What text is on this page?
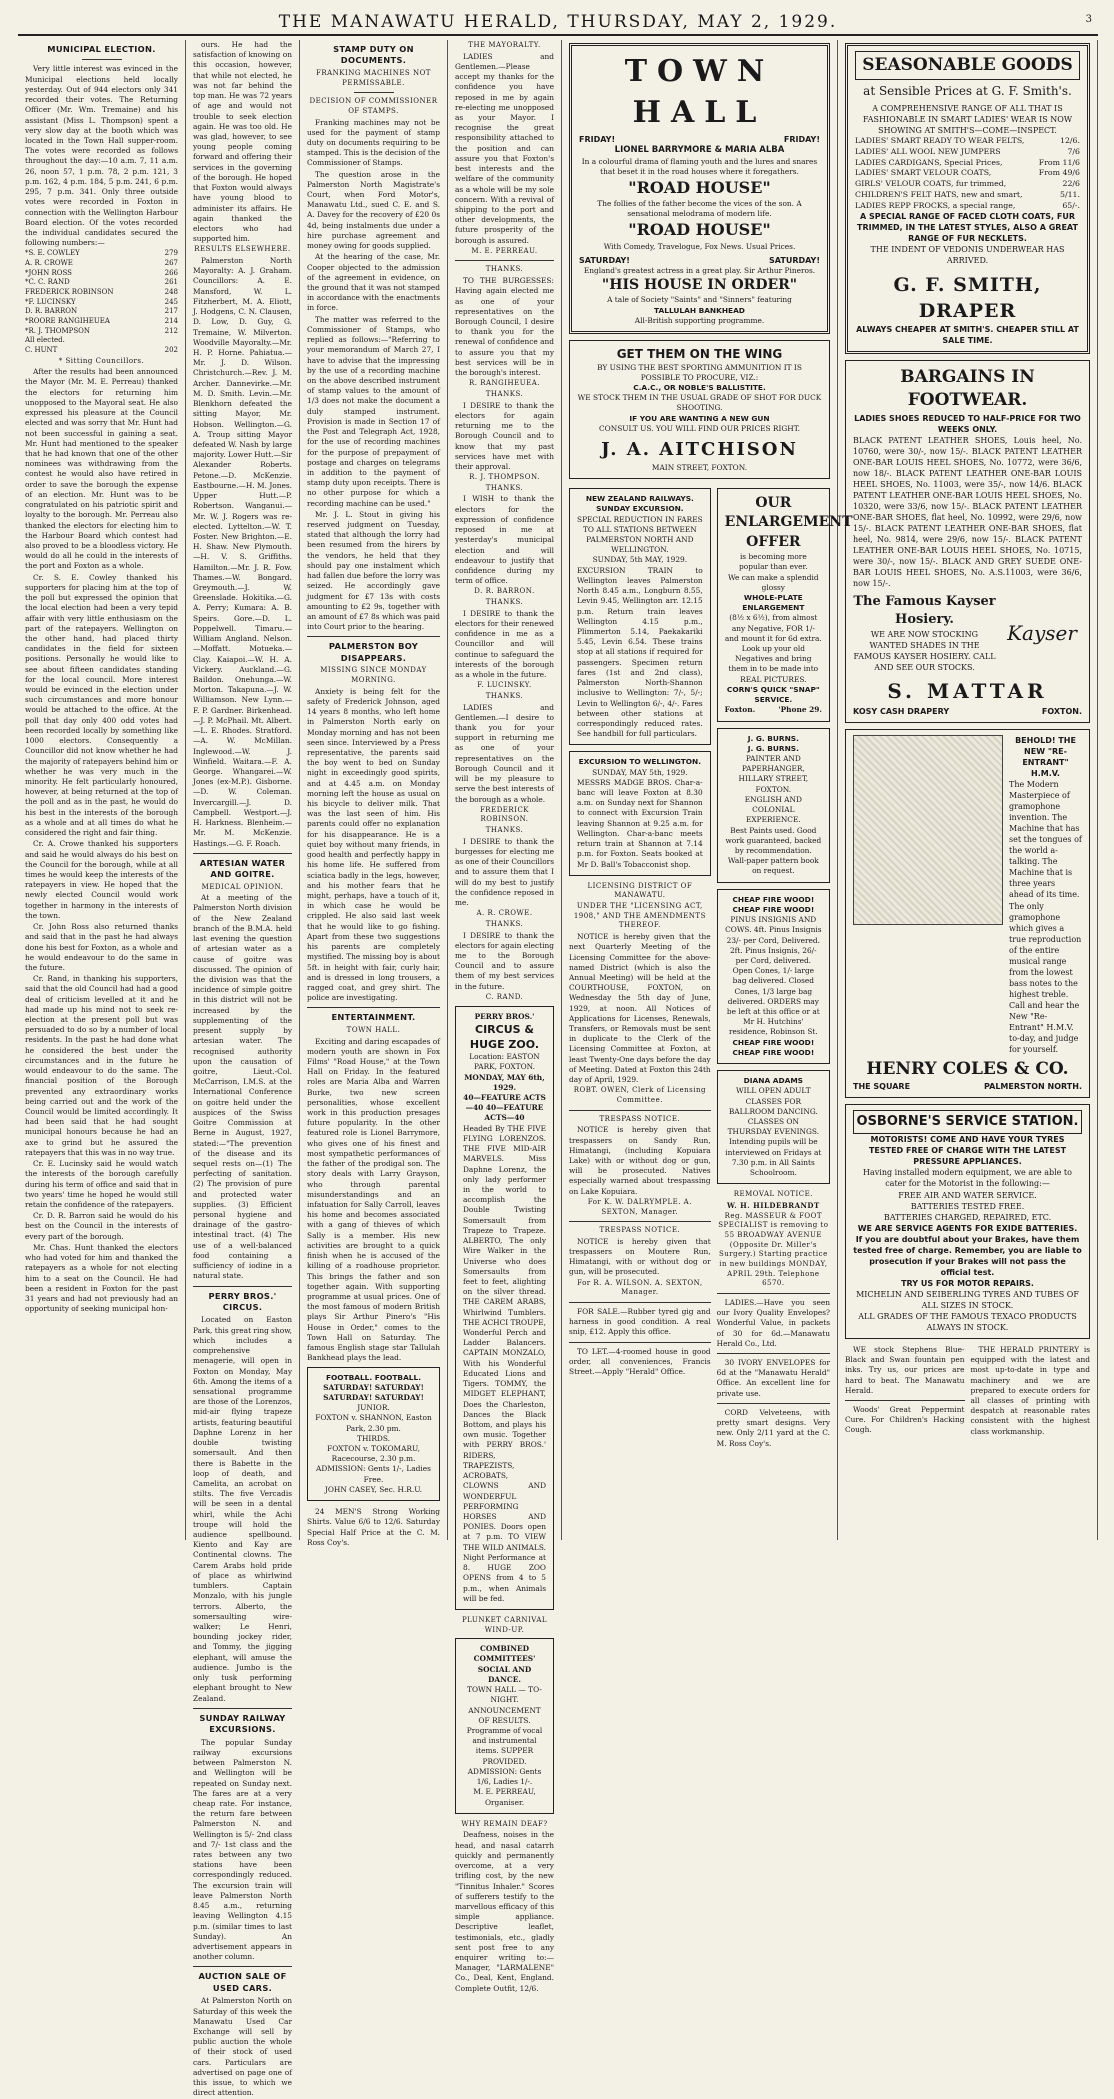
THE MANAWATU HERALD, THURSDAY, MAY 2, 1929.	3
MUNICIPAL ELECTION.

Very little interest was evinced in the Municipal elections held locally yesterday. Out of 944 electors only 341 recorded their votes. The Returning Officer (Mr. Wm. Tremaine) and his assistant (Miss L. Thompson) spent a very slow day at the booth which was located in the Town Hall supper-room. The votes were recorded as follows throughout the day:—10 a.m. 7, 11 a.m. 26, noon 57, 1 p.m. 78, 2 p.m. 121, 3 p.m. 162, 4 p.m. 184, 5 p.m. 241, 6 p.m. 295, 7 p.m. 341. Only three outside votes were recorded in Foxton in connection with the Wellington Harbour Board election. Of the votes recorded the individual candidates secured the following numbers:—

*S. E. COWLEY	279
A. R. CROWE	267
*JOHN ROSS	266
*C. C. RAND	261
FREDERICK ROBINSON	248
*F. LUCINSKY	245
D. R. BARRON	217
*ROORE RANGIHEUEA	214
*R. J. THOMPSON	212
All elected.
C. HUNT	202
* Sitting Councillors.

After the results had been announced the Mayor (Mr. M. E. Perreau) thanked the electors for returning him unopposed to the Mayoral seat. He also expressed his pleasure at the Council elected and was sorry that Mr. Hunt had not been successful in gaining a seat. Mr. Hunt had mentioned to the speaker that he had known that one of the other nominees was withdrawing from the contest he would also have retired in order to save the borough the expense of an election. Mr. Hunt was to be congratulated on his patriotic spirit and loyalty to the borough. Mr. Perreau also thanked the electors for electing him to the Harbour Board which contest had also proved to be a bloodless victory. He would do all he could in the interests of the port and Foxton as a whole.

Cr. S. E. Cowley thanked his supporters for placing him at the top of the poll but expressed the opinion that the local election had been a very tepid affair with very little enthusiasm on the part of the ratepayers. Wellington on the other hand, had placed thirty candidates in the field for sixteen positions. Personally he would like to see about fifteen candidates standing for the local council. More interest would be evinced in the election under such circumstances and more honour would be attached to the office. At the poll that day only 400 odd votes had been recorded locally by something like 1000 electors. Consequently a Councillor did not know whether he had the majority of ratepayers behind him or whether he was very much in the minority. He felt particularly honoured, however, at being returned at the top of the poll and as in the past, he would do his best in the interests of the borough as a whole and at all times do what he considered the right and fair thing.

Cr. A. Crowe thanked his supporters and said he would always do his best on the Council for the borough, while at all times he would keep the interests of the ratepayers in view. He hoped that the newly elected Council would work together in harmony in the interests of the town.

Cr. John Ross also returned thanks and said that in the past he had always done his best for Foxton, as a whole and he would endeavour to do the same in the future.

Cr. Rand, in thanking his supporters, said that the old Council had had a good deal of criticism levelled at it and he had made up his mind not to seek re-election at the present poll but was persuaded to do so by a number of local residents. In the past he had done what he considered the best under the circumstances and in the future he would endeavour to do the same. The financial position of the Borough prevented any extraordinary works being carried out and the work of the Council would be limited accordingly. It had been said that he had sought municipal honours because he had an axe to grind but he assured the ratepayers that this was in no way true.

Cr. E. Lucinsky said he would watch the interests of the borough carefully during his term of office and said that in two years' time he hoped he would still retain the confidence of the ratepayers.

Cr. D. R. Barron said he would do his best on the Council in the interests of every part of the borough.

Mr. Chas. Hunt thanked the electors who had voted for him and thanked the ratepayers as a whole for not electing him to a seat on the Council. He had been a resident in Foxton for the past 31 years and had not previously had an opportunity of seeking municipal hon-

ours. He had the satisfaction of knowing on this occasion, however, that while not elected, he was not far behind the top man. He was 72 years of age and would not trouble to seek election again. He was too old. He was glad, however, to see young people coming forward and offering their services in the governing of the borough. He hoped that Foxton would always have young blood to administer its affairs. He again thanked the electors who had supported him.

RESULTS ELSEWHERE.

Palmerston North Mayoralty: A. J. Graham. Councillors: A. E. Mansford, W. L. Fitzherbert, M. A. Eliott, J. Hodgens, C. N. Clausen, D. Low, D. Guy, G. Tremaine, W. Milverton. Woodville Mayoralty.—Mr. H. P. Horne. Pahiatua.—Mr. J. D. Wilson. Christchurch.—Rev. J. M. Archer. Dannevirke.—Mr. M. D. Smith. Levin.—Mr. Blenkhorn defeated the sitting Mayor, Mr. Hobson. Wellington.—G. A. Troup sitting Mayor defeated W. Nash by large majority. Lower Hutt.—Sir Alexander Roberts. Petone.—D. McKenzie. Eastbourne.—H. M. Jones. Upper Hutt.—P. Robertson. Wanganui.—Mr. W. J. Rogers was re-elected. Lyttelton.—W. T. Foster. New Brighton.—E. H. Shaw. New Plymouth.—H. V. S. Griffiths. Hamilton.—Mr. J. R. Fow. Thames.—W. Bongard. Greymouth.—J. W. Greenslade. Hokitika.—G. A. Perry; Kumara: A. B. Speirs. Gore.—D. L. Poppelwell. Timaru.—William Angland. Nelson.—Moffatt. Motueka.—Clay. Kaiapoi.—W. H. A. Vickery. Auckland.—G. Baildon. Onehunga.—W. Morton. Takapuna.—J. W. Williamson. New Lynn.—F. P. Gardner. Birkenhead.—J. P. McPhail. Mt. Albert.—L. E. Rhodes. Stratford.—A. W. McMillan. Inglewood.—W. J. Winfield. Waitara.—F. A. George. Whangarei.—W. Jones (ex-M.P.). Gisborne.—D. W. Coleman. Invercargill.—J. D. Campbell. Westport.—J. H. Harkness. Blenheim.—Mr. M. McKenzie. Hastings.—G. F. Roach.

ARTESIAN WATER AND GOITRE.
MEDICAL OPINION.

At a meeting of the Palmerston North division of the New Zealand branch of the B.M.A. held last evening the question of artesian water as a cause of goitre was discussed. The opinion of the division was that the incidence of simple goitre in this district will not be increased by the supplementing of the present supply by artesian water. The recognised authority upon the causation of goitre, Lieut.-Col. McCarrison, I.M.S. at the International Conference on goitre held under the auspices of the Swiss Goitre Commission at Berne in August, 1927, stated:—"The prevention of the disease and its sequel rests on—(1) The perfecting of sanitation. (2) The provision of pure and protected water supplies. (3) Efficient personal hygiene and drainage of the gastro-intestinal tract. (4) The use of a well-balanced food containing a sufficiency of iodine in a natural state.

PERRY BROS.' CIRCUS.

Located on Easton Park, this great ring show, which includes a comprehensive menagerie, will open in Foxton on Monday, May 6th. Among the items of a sensational programme are those of the Lorenzos, mid-air flying trapeze artists, featuring beautiful Daphne Lorenz in her double twisting somersault. And then there is Babette in the loop of death, and Camelita, an acrobat on stilts. The five Vercadis will be seen in a dental whirl, while the Achi troupe will hold the audience spellbound. Kiento and Kay are Continental clowns. The Carem Arabs hold pride of place as whirlwind tumblers. Captain Monzalo, with his jungle terrors. Alberto, the somersaulting wire-walker; Le Henri, bounding jockey rider, and Tommy, the jigging elephant, will amuse the audience. Jumbo is the only tusk performing elephant brought to New Zealand.

SUNDAY RAILWAY EXCURSIONS.

The popular Sunday railway excursions between Palmerston N. and Wellington will be repeated on Sunday next. The fares are at a very cheap rate. For instance, the return fare between Palmerston N. and Wellington is 5/- 2nd class and 7/- 1st class and the rates between any two stations have been correspondingly reduced. The excursion train will leave Palmerston North 8.45 a.m., returning leaving Wellington 4.15 p.m. (similar times to last Sunday). An advertisement appears in another column.

AUCTION SALE OF USED CARS.

At Palmerston North on Saturday of this week the Manawatu Used Car Exchange will sell by public auction the whole of their stock of used cars. Particulars are advertised on page one of this issue, to which we direct attention.

STAMP DUTY ON DOCUMENTS.
FRANKING MACHINES NOT PERMISSABLE.
DECISION OF COMMISSIONER OF STAMPS.

Franking machines may not be used for the payment of stamp duty on documents requiring to be stamped. This is the decision of the Commissioner of Stamps.

The question arose in the Palmerston North Magistrate's Court, when Ford Motor's, Manawatu Ltd., sued C. E. and S. A. Davey for the recovery of £20 0s 4d, being instalments due under a hire purchase agreement and money owing for goods supplied.

At the hearing of the case, Mr. Cooper objected to the admission of the agreement in evidence, on the ground that it was not stamped in accordance with the enactments in force.

The matter was referred to the Commissioner of Stamps, who replied as follows:—"Referring to your memorandum of March 27, I have to advise that the impressing by the use of a recording machine on the above described instrument of stamp values to the amount of 1/3 does not make the document a duly stamped instrument. Provision is made in Section 17 of the Post and Telegraph Act, 1928, for the use of recording machines for the purpose of prepayment of postage and charges on telegrams in addition to the payment of stamp duty upon receipts. There is no other purpose for which a recording machine can be used."

Mr. J. L. Stout in giving his reserved judgment on Tuesday, stated that although the lorry had been resumed from the hirers by the vendors, he held that they should pay one instalment which had fallen due before the lorry was seized. He accordingly gave judgment for £7 13s with costs amounting to £2 9s, together with an amount of £7 8s which was paid into Court prior to the hearing.

PALMERSTON BOY DISAPPEARS.
MISSING SINCE MONDAY MORNING.

Anxiety is being felt for the safety of Frederick Johnson, aged 14 years 8 months, who left home in Palmerston North early on Monday morning and has not been seen since. Interviewed by a Press representative, the parents said the boy went to bed on Sunday night in exceedingly good spirits, and at 4.45 a.m. on Monday morning left the house as usual on his bicycle to deliver milk. That was the last seen of him. His parents could offer no explanation for his disappearance. He is a quiet boy without many friends, in good health and perfectly happy in his home life. He suffered from sciatica badly in the legs, however, and his mother fears that he might, perhaps, have a touch of it, in which case he would be crippled. He also said last week that he would like to go fishing. Apart from these two suggestions his parents are completely mystified. The missing boy is about 5ft. in height with fair, curly hair, and is dressed in long trousers, a ragged coat, and grey shirt. The police are investigating.

ENTERTAINMENT.
TOWN HALL.

Exciting and daring escapades of modern youth are shown in Fox Films' "Road House," at the Town Hall on Friday. In the featured roles are Maria Alba and Warren Burke, two new screen personalities, whose excellent work in this production presages future popularity. In the other featured role is Lionel Barrymore, who gives one of his finest and most sympathetic performances of the father of the prodigal son. The story deals with Larry Grayson, who through parental misunderstandings and an infatuation for Sally Carroll, leaves his home and becomes associated with a gang of thieves of which Sally is a member. His new activities are brought to a quick finish when he is accused of the killing of a roadhouse proprietor. This brings the father and son together again. With supporting programme at usual prices. One of the most famous of modern British plays Sir Arthur Pinero's "His House in Order," comes to the Town Hall on Saturday. The famous English stage star Tallulah Bankhead plays the lead.

FOOTBALL. FOOTBALL.
SATURDAY! SATURDAY! SATURDAY! SATURDAY!
JUNIOR.
FOXTON v. SHANNON, Easton Park, 2.30 pm.
THIRDS.
FOXTON v. TOKOMARU, Racecourse, 2.30 p.m.
ADMISSION: Gents 1/-, Ladies Free.
JOHN CASEY, Sec. H.R.U.

24 MEN'S Strong Working Shirts. Value 6/6 to 12/6. Saturday Special Half Price at the C. M. Ross Coy's.

THE MAYORALTY.

LADIES and Gentlemen.—Please accept my thanks for the confidence you have reposed in me by again re-electing me unopposed as your Mayor. I recognise the great responsibility attached to the position and can assure you that Foxton's best interests and the welfare of the community as a whole will be my sole concern. With a revival of shipping to the port and other developments, the future prosperity of the borough is assured.

M. E. PERREAU.
THANKS.

TO THE BURGESSES: Having again elected me as one of your representatives on the Borough Council, I desire to thank you for the renewal of confidence and to assure you that my best services will be in the borough's interest.

R. RANGIHEUEA.
THANKS.

I DESIRE to thank the electors for again returning me to the Borough Council and to know that my past services have met with their approval.

R. J. THOMPSON.
THANKS.

I WISH to thank the electors for the expression of confidence reposed in me at yesterday's municipal election and will endeavour to justify that confidence during my term of office.

D. R. BARRON.
THANKS.

I DESIRE to thank the electors for their renewed confidence in me as a Councillor and will continue to safeguard the interests of the borough as a whole in the future.

F. LUCINSKY.
THANKS.

LADIES and Gentlemen.—I desire to thank you for your support in returning me as one of your representatives on the Borough Council and it will be my pleasure to serve the best interests of the borough as a whole.

FREDERICK ROBINSON.
THANKS.

I DESIRE to thank the burgesses for electing me as one of their Councillors and to assure them that I will do my best to justify the confidence reposed in me.

A. R. CROWE.
THANKS.

I DESIRE to thank the electors for again electing me to the Borough Council and to assure them of my best services in the future.

C. RAND.
PERRY BROS.'
CIRCUS & HUGE ZOO.
Location: EASTON PARK, FOXTON.
MONDAY, MAY 6th, 1929.
40—FEATURE ACTS—40 40—FEATURE ACTS—40
Headed By THE FIVE FLYING LORENZOS. THE FIVE MID-AIR MARVELS. Miss Daphne Lorenz, the only lady performer in the world to accomplish the Double Twisting Somersault from Trapeze to Trapeze. ALBERTO, The only Wire Walker in the Universe who does Somersaults from feet to feet, alighting on the silver thread. THE CAREM ARABS, Whirlwind Tumblers. THE ACHCI TROUPE, Wonderful Perch and Ladder Balancers. CAPTAIN MONZALO, With his Wonderful Educated Lions and Tigers. TOMMY, the MIDGET ELEPHANT, Does the Charleston, Dances the Black Bottom, and plays his own music. Together with PERRY BROS.' RIDERS, TRAPEZISTS, ACROBATS, CLOWNS AND WONDERFUL PERFORMING HORSES AND PONIES. Doors open at 7 p.m. TO VIEW THE WILD ANIMALS. Night Performance at 8. HUGE ZOO OPENS from 4 to 5 p.m., when Animals will be fed.
PLUNKET CARNIVAL WIND-UP.
COMBINED COMMITTEES' SOCIAL AND DANCE.
TOWN HALL — TO-NIGHT.
ANNOUNCEMENT OF RESULTS. Programme of vocal and instrumental items. SUPPER PROVIDED. ADMISSION: Gents 1/6, Ladies 1/-.
M. E. PERREAU, Organiser.
WHY REMAIN DEAF?

Deafness, noises in the head, and nasal catarrh quickly and permanently overcome, at a very trifling cost, by the new "Tinnitus Inhaler." Scores of sufferers testify to the marvellous efficacy of this simple appliance. Descriptive leaflet, testimonials, etc., gladly sent post free to any enquirer writing to:—Manager, "LARMALENE" Co., Deal, Kent, England. Complete Outfit, 12/6.

TOWN HALL
FRIDAY!	FRIDAY!
LIONEL BARRYMORE & MARIA ALBA
In a colourful drama of flaming youth and the lures and snares that beset it in the road houses where it foregathers.
"ROAD HOUSE"
The follies of the father become the vices of the son. A sensational melodrama of modern life.
"ROAD HOUSE"
With Comedy, Travelogue, Fox News. Usual Prices.
SATURDAY!	SATURDAY!
England's greatest actress in a great play. Sir Arthur Pineros.
"HIS HOUSE IN ORDER"
A tale of Society "Saints" and "Sinners" featuring
TALLULAH BANKHEAD
All-British supporting programme.
GET THEM ON THE WING
BY USING THE BEST SPORTING AMMUNITION IT IS POSSIBLE TO PROCURE, VIZ.:
C.A.C., OR NOBLE'S BALLISTITE.
WE STOCK THEM IN THE USUAL GRADE OF SHOT FOR DUCK SHOOTING.
IF YOU ARE WANTING A NEW GUN
CONSULT US. YOU WILL FIND OUR PRICES RIGHT.
J. A. AITCHISON
MAIN STREET, FOXTON.
NEW ZEALAND RAILWAYS.
SUNDAY EXCURSION.
SPECIAL REDUCTION IN FARES TO ALL STATIONS BETWEEN PALMERSTON NORTH AND WELLINGTON.
SUNDAY, 5th MAY, 1929.
EXCURSION TRAIN to Wellington leaves Palmerston North 8.45 a.m., Longburn 8.55, Levin 9.45, Wellington arr. 12.15 p.m. Return train leaves Wellington 4.15 p.m., Plimmerton 5.14, Paekakariki 5.45, Levin 6.54. These trains stop at all stations if required for passengers. Specimen return fares (1st and 2nd class), Palmerston North-Shannon inclusive to Wellington: 7/-, 5/-; Levin to Wellington 6/-, 4/-. Fares between other stations at correspondingly reduced rates. See handbill for full particulars.
EXCURSION TO WELLINGTON.
SUNDAY, MAY 5th, 1929.
MESSRS MADGE BROS. Char-a-banc will leave Foxton at 8.30 a.m. on Sunday next for Shannon to connect with Excursion Train leaving Shannon at 9.25 a.m. for Wellington. Char-a-banc meets return train at Shannon at 7.14 p.m. for Foxton. Seats booked at Mr D. Ball's Tobacconist shop.
LICENSING DISTRICT OF MANAWATU.
UNDER THE "LICENSING ACT, 1908," AND THE AMENDMENTS THEREOF.

NOTICE is hereby given that the next Quarterly Meeting of the Licensing Committee for the above-named District (which is also the Annual Meeting) will be held at the COURTHOUSE, FOXTON, on Wednesday the 5th day of June, 1929, at noon. All Notices of Applications for Licenses, Renewals, Transfers, or Removals must be sent in duplicate to the Clerk of the Licensing Committee at Foxton, at least Twenty-One days before the day of Meeting. Dated at Foxton this 24th day of April, 1929.

ROBT. OWEN, Clerk of Licensing Committee.
TRESPASS NOTICE.

NOTICE is hereby given that trespassers on Sandy Run, Himatangi, (including Kopuiara Lake) with or without dog or gun, will be prosecuted. Natives especially warned about trespassing on Lake Kopuiara.

For K. W. DALRYMPLE. A. SEXTON, Manager.
TRESPASS NOTICE.

NOTICE is hereby given that trespassers on Moutere Run, Himatangi, with or without dog or gun, will be prosecuted.

For R. A. WILSON. A. SEXTON, Manager.

FOR SALE.—Rubber tyred gig and harness in good condition. A real snip, £12. Apply this office.

TO LET.—4-roomed house in good order, all conveniences, Francis Street.—Apply "Herald" Office.

OUR ENLARGEMENT OFFER
is becoming more popular than ever.
We can make a splendid glossy
WHOLE-PLATE ENLARGEMENT
(8½ x 6½), from almost any Negative, FOR 1/-
and mount it for 6d extra. Look up your old Negatives and bring them in to be made into REAL PICTURES.
CORN'S QUICK "SNAP" SERVICE.
Foxton.	'Phone 29.
J. G. BURNS.
J. G. BURNS.
PAINTER AND PAPERHANGER, HILLARY STREET, FOXTON.
ENGLISH AND COLONIAL EXPERIENCE.
Best Paints used. Good work guaranteed, backed by recommendation. Wall-paper pattern book on request.
CHEAP FIRE WOOD! CHEAP FIRE WOOD!
PINUS INSIGNIS AND COWS. 4ft. Pinus Insignis 23/- per Cord, Delivered. 2ft. Pinus Insignis, 26/- per Cord, delivered. Open Cones, 1/- large bag delivered. Closed Cones, 1/3 large bag delivered. ORDERS may be left at this office or at Mr H. Hutchins' residence, Robinson St.
CHEAP FIRE WOOD! CHEAP FIRE WOOD!
DIANA ADAMS
WILL OPEN ADULT CLASSES FOR BALLROOM DANCING. CLASSES ON THURSDAY EVENINGS. Intending pupils will be interviewed on Fridays at 7.30 p.m. in All Saints Schoolroom.
REMOVAL NOTICE.
W. H. HILDEBRANDT
Reg. MASSEUR & FOOT SPECIALIST is removing to 55 BROADWAY AVENUE (Opposite Dr. Miller's Surgery.) Starting practice in new buildings MONDAY, APRIL 29th. Telephone 6570.

LADIES.—Have you seen our Ivory Quality Envelopes? Wonderful Value, in packets of 30 for 6d.—Manawatu Herald Co., Ltd.

30 IVORY ENVELOPES for 6d at the "Manawatu Herald" Office. An excellent line for private use.

CORD Velveteens, with pretty smart designs. Very new. Only 2/11 yard at the C. M. Ross Coy's.

SEASONABLE GOODS
at Sensible Prices at G. F. Smith's.
A COMPREHENSIVE RANGE OF ALL THAT IS FASHIONABLE IN SMART LADIES' WEAR IS NOW SHOWING AT SMITH'S—COME—INSPECT.
LADIES' SMART READY TO WEAR FELTS,	12/6.
LADIES' ALL WOOL NEW JUMPERS	7/6
LADIES CARDIGANS, Special Prices,	From 11/6
LADIES' SMART VELOUR COATS,	From 49/6
GIRLS' VELOUR COATS, fur trimmed,	22/6
CHILDREN'S FELT HATS, new and smart,	5/11.
LADIES REPP FROCKS, a special range,	65/-.
A SPECIAL RANGE OF FACED CLOTH COATS, FUR TRIMMED, IN THE LATEST STYLES, ALSO A GREAT RANGE OF FUR NECKLETS.
THE INDENT OF VEDONIS UNDERWEAR HAS ARRIVED.
G. F. SMITH, DRAPER
ALWAYS CHEAPER AT SMITH'S. CHEAPER STILL AT SALE TIME.
BARGAINS IN FOOTWEAR.
LADIES SHOES REDUCED TO HALF-PRICE FOR TWO WEEKS ONLY.
BLACK PATENT LEATHER SHOES, Louis heel, No. 10760, were 30/-, now 15/-. BLACK PATENT LEATHER ONE-BAR LOUIS HEEL SHOES, No. 10772, were 36/6, now 18/-. BLACK PATENT LEATHER ONE-BAR LOUIS HEEL SHOES, No. 11003, were 35/-, now 14/6. BLACK PATENT LEATHER ONE-BAR LOUIS HEEL SHOES, No. 10320, were 33/6, now 15/-. BLACK PATENT LEATHER ONE-BAR SHOES, flat heel, No. 10992, were 29/6, now 15/-. BLACK PATENT LEATHER ONE-BAR SHOES, flat heel, No. 9814, were 29/6, now 15/-. BLACK PATENT LEATHER ONE-BAR LOUIS HEEL SHOES, No. 10715, were 30/-, now 15/-. BLACK AND GREY SUEDE ONE-BAR LOUIS HEEL SHOES, No. A.S.11003, were 36/6, now 15/-.
The Famous Kayser Hosiery.
WE ARE NOW STOCKING WANTED SHADES IN THE FAMOUS KAYSER HOSIERY. CALL AND SEE OUR STOCKS.
Kayser
S. MATTAR
KOSY CASH DRAPERY	FOXTON.
BEHOLD! THE NEW "RE-ENTRANT" H.M.V.
The Modern Masterpiece of gramophone invention. The Machine that has set the tongues of the world a-talking. The Machine that is three years ahead of its time. The only gramophone which gives a true reproduction of the entire musical range from the lowest bass notes to the highest treble. Call and hear the New "Re-Entrant" H.M.V. to-day, and judge for yourself.
HENRY COLES & CO.
THE SQUARE	PALMERSTON NORTH.
OSBORNE'S SERVICE STATION.
MOTORISTS! COME AND HAVE YOUR TYRES TESTED FREE OF CHARGE WITH THE LATEST PRESSURE APPLIANCES.
Having installed modern equipment, we are able to cater for the Motorist in the following:—
FREE AIR AND WATER SERVICE.
BATTERIES TESTED FREE.
BATTERIES CHARGED, REPAIRED, ETC.
WE ARE SERVICE AGENTS FOR EXIDE BATTERIES.
If you are doubtful about your Brakes, have them tested free of charge. Remember, you are liable to prosecution if your Brakes will not pass the official test.
TRY US FOR MOTOR REPAIRS.
MICHELIN AND SEIBERLING TYRES AND TUBES OF ALL SIZES IN STOCK.
ALL GRADES OF THE FAMOUS TEXACO PRODUCTS ALWAYS IN STOCK.

WE stock Stephens Blue-Black and Swan fountain pen inks. Try us, our prices are hard to beat. The Manawatu Herald.

Woods' Great Peppermint Cure. For Children's Hacking Cough.

THE HERALD PRINTERY is equipped with the latest and most up-to-date in type and machinery and we are prepared to execute orders for all classes of printing with despatch at reasonable rates consistent with the highest class workmanship.
